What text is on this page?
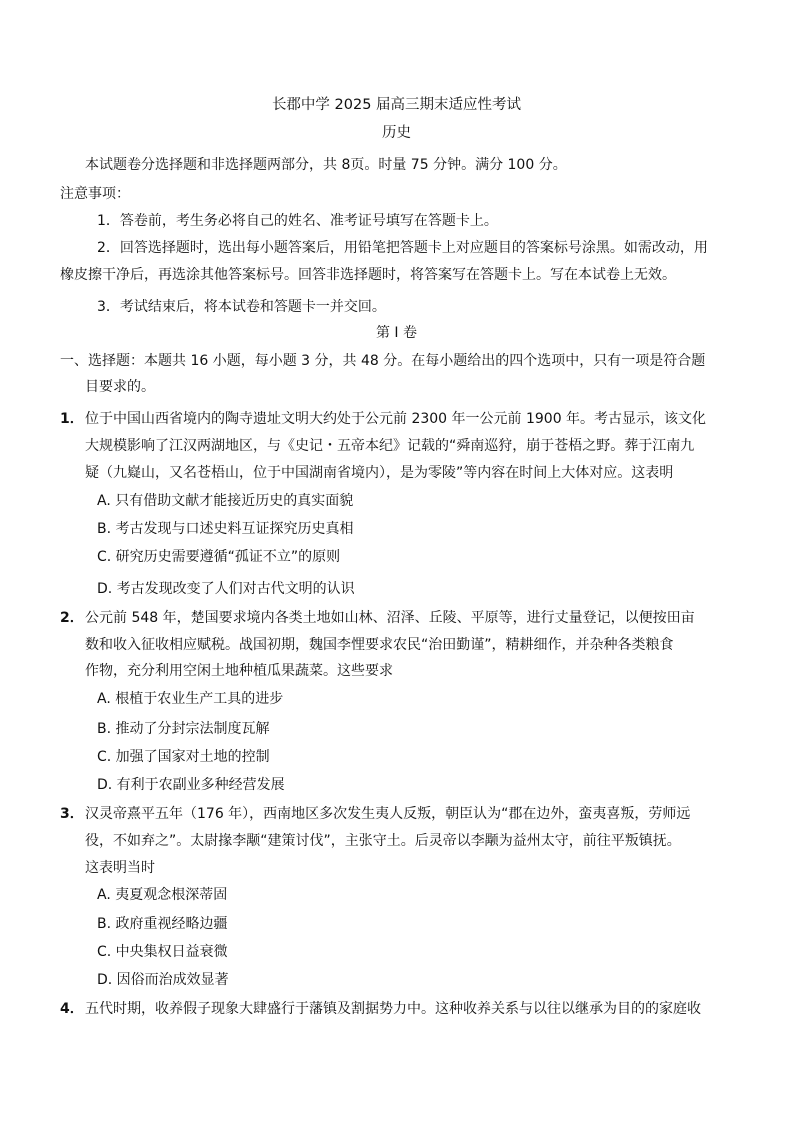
长郡中学 2025 届高三期末适应性考试
历史
本试题卷分选择题和非选择题两部分，共 8页。时量 75 分钟。满分 100 分。
注意事项：
1．答卷前，考生务必将自己的姓名、准考证号填写在答题卡上。
2．回答选择题时，选出每小题答案后，用铅笔把答题卡上对应题目的答案标号涂黑。如需改动，用
橡皮擦干净后，再选涂其他答案标号。回答非选择题时，将答案写在答题卡上。写在本试卷上无效。
3．考试结束后，将本试卷和答题卡一并交回。
第 I 卷
一、选择题：本题共 16 小题，每小题 3 分，共 48 分。在每小题给出的四个选项中，只有一项是符合题
目要求的。
1． 位于中国山西省境内的陶寺遗址文明大约处于公元前 2300 年一公元前 1900 年。考古显示，该文化
大规模影响了江汉两湖地区，与《史记・五帝本纪》记载的“舜南巡狩，崩于苍梧之野。葬于江南九
疑（九嶷山，又名苍梧山，位于中国湖南省境内），是为零陵”等内容在时间上大体对应。这表明
A. 只有借助文献才能接近历史的真实面貌
B. 考古发现与口述史料互证探究历史真相
C. 研究历史需要遵循“孤证不立”的原则
D. 考古发现改变了人们对古代文明的认识
2． 公元前 548 年，楚国要求境内各类土地如山林、沼泽、丘陵、平原等，进行丈量登记，以便按田亩
数和收入征收相应赋税。战国初期，魏国李悝要求农民“治田勤谨”，精耕细作，并杂种各类粮食
作物，充分利用空闲土地种植瓜果蔬菜。这些要求
A. 根植于农业生产工具的进步
B. 推动了分封宗法制度瓦解
C. 加强了国家对土地的控制
D. 有利于农副业多种经营发展
3． 汉灵帝熹平五年（176 年），西南地区多次发生夷人反叛，朝臣认为“郡在边外，蛮夷喜叛，劳师远
役，不如弃之”。太尉掾李颙“建策讨伐”，主张守土。后灵帝以李颙为益州太守，前往平叛镇抚。
这表明当时
A. 夷夏观念根深蒂固
B. 政府重视经略边疆
C. 中央集权日益衰微
D. 因俗而治成效显著
4． 五代时期，收养假子现象大肆盛行于藩镇及割据势力中。这种收养关系与以往以继承为目的的家庭收
